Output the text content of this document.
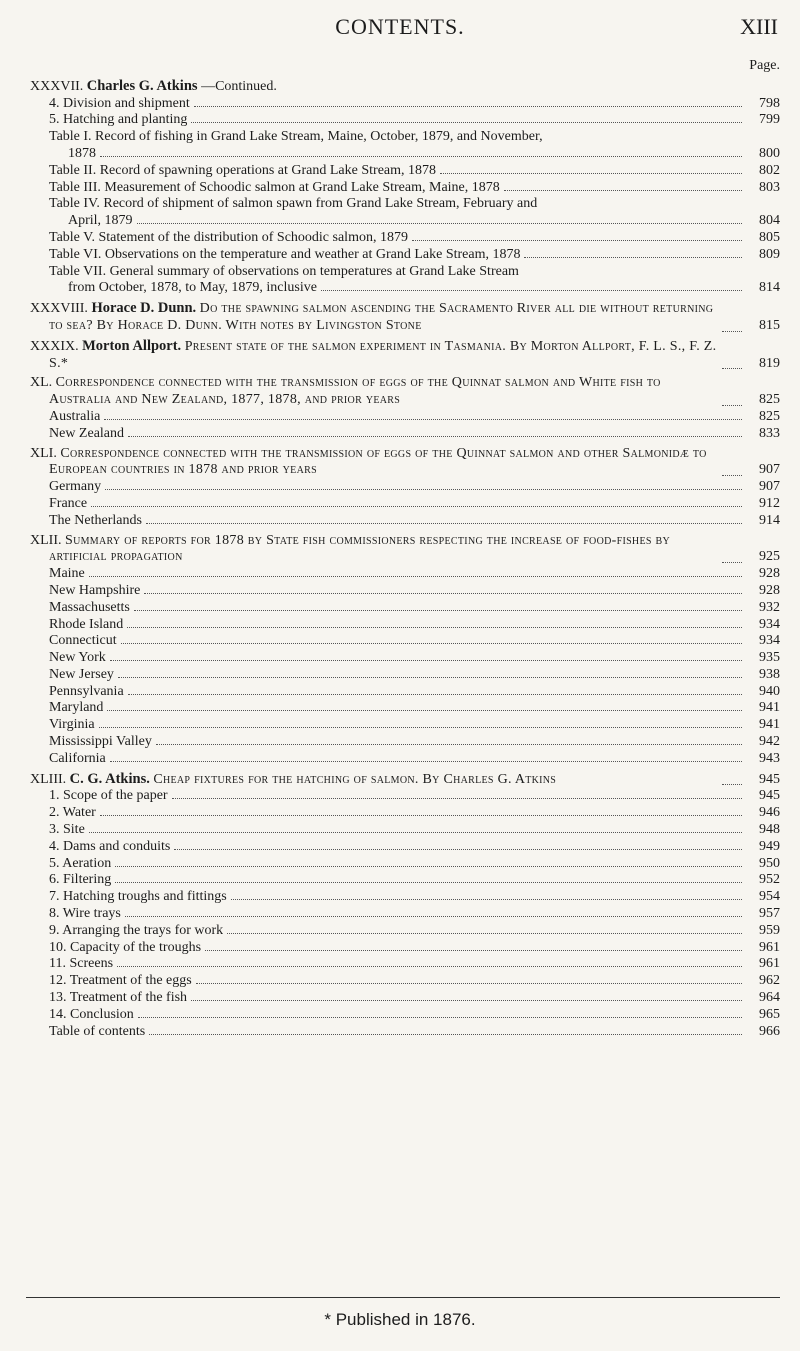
CONTENTS.	XIII
Page.
XXXVII. Charles G. Atkins —Continued.
4. Division and shipment	798
5. Hatching and planting	799
Table I. Record of fishing in Grand Lake Stream, Maine, October, 1879, and November,
1878	800
Table II. Record of spawning operations at Grand Lake Stream, 1878	802
Table III. Measurement of Schoodic salmon at Grand Lake Stream, Maine, 1878	803
Table IV. Record of shipment of salmon spawn from Grand Lake Stream, February and
April, 1879	804
Table V. Statement of the distribution of Schoodic salmon, 1879	805
Table VI. Observations on the temperature and weather at Grand Lake Stream, 1878	809
Table VII. General summary of observations on temperatures at Grand Lake Stream
from October, 1878, to May, 1879, inclusive	814
XXXVIII. Horace D. Dunn. Do the spawning salmon ascending the Sacramento River all die without returning to sea? By Horace D. Dunn. With notes by Livingston Stone	815
XXXIX. Morton Allport. Present state of the salmon experiment in Tasmania. By Morton Allport, F. L. S., F. Z. S.*	819
XL. Correspondence connected with the transmission of eggs of the Quinnat salmon and White fish to Australia and New Zealand, 1877, 1878, and prior years	825
Australia	825
New Zealand	833
XLI. Correspondence connected with the transmission of eggs of the Quinnat salmon and other Salmonidæ to European countries in 1878 and prior years	907
Germany	907
France	912
The Netherlands	914
XLII. Summary of reports for 1878 by State fish commissioners respecting the increase of food-fishes by artificial propagation	925
Maine	928
New Hampshire	928
Massachusetts	932
Rhode Island	934
Connecticut	934
New York	935
New Jersey	938
Pennsylvania	940
Maryland	941
Virginia	941
Mississippi Valley	942
California	943
XLIII. C. G. Atkins. Cheap fixtures for the hatching of salmon. By Charles G. Atkins	945
1. Scope of the paper	945
2. Water	946
3. Site	948
4. Dams and conduits	949
5. Aeration	950
6. Filtering	952
7. Hatching troughs and fittings	954
8. Wire trays	957
9. Arranging the trays for work	959
10. Capacity of the troughs	961
11. Screens	961
12. Treatment of the eggs	962
13. Treatment of the fish	964
14. Conclusion	965
Table of contents	966
* Published in 1876.
